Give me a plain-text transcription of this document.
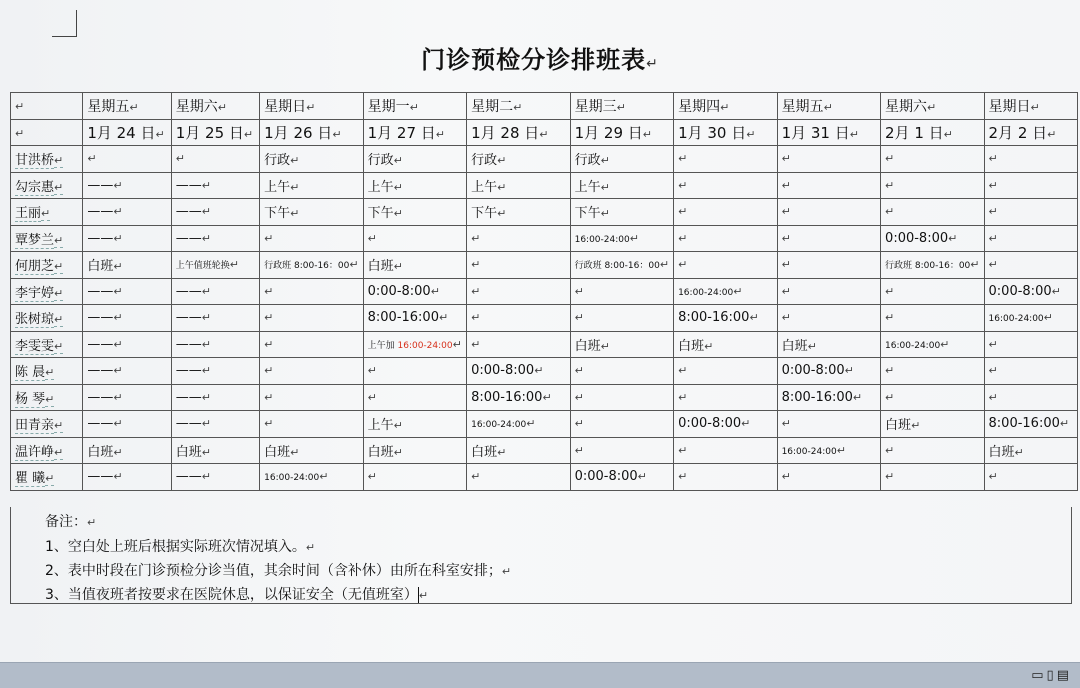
门诊预检分诊排班表↵
↵	星期五↵	星期六↵	星期日↵	星期一↵	星期二↵	星期三↵	星期四↵	星期五↵	星期六↵	星期日↵
↵	1月 24 日↵	1月 25 日↵	1月 26 日↵	1月 27 日↵	1月 28 日↵	1月 29 日↵	1月 30 日↵	1月 31 日↵	2月 1 日↵	2月 2 日↵
甘洪桥↵	↵	↵	行政↵	行政↵	行政↵	行政↵	↵	↵	↵	↵
勾宗惠↵	——↵	——↵	上午↵	上午↵	上午↵	上午↵	↵	↵	↵	↵
王丽↵	——↵	——↵	下午↵	下午↵	下午↵	下午↵	↵	↵	↵	↵
覃梦兰↵	——↵	——↵	↵	↵	↵	16:00-24:00↵	↵	↵	0:00-8:00↵	↵
何朋芝↵	白班↵	上午值班轮换↵	行政班 8:00-16：00↵	白班↵	↵	行政班 8:00-16：00↵	↵	↵	行政班 8:00-16：00↵	↵
李宇婷↵	——↵	——↵	↵	0:00-8:00↵	↵	↵	16:00-24:00↵	↵	↵	0:00-8:00↵
张树琼↵	——↵	——↵	↵	8:00-16:00↵	↵	↵	8:00-16:00↵	↵	↵	16:00-24:00↵
李雯雯↵	——↵	——↵	↵	上午加 16:00-24:00↵	↵	白班↵	白班↵	白班↵	16:00-24:00↵	↵
陈 晨↵	——↵	——↵	↵	↵	0:00-8:00↵	↵	↵	0:00-8:00↵	↵	↵
杨 琴↵	——↵	——↵	↵	↵	8:00-16:00↵	↵	↵	8:00-16:00↵	↵	↵
田青亲↵	——↵	——↵	↵	上午↵	16:00-24:00↵	↵	0:00-8:00↵	↵	白班↵	8:00-16:00↵
温许峥↵	白班↵	白班↵	白班↵	白班↵	白班↵	↵	↵	16:00-24:00↵	↵	白班↵
瞿 曦↵	——↵	——↵	16:00-24:00↵	↵	↵	0:00-8:00↵	↵	↵	↵	↵
备注：↵
1、空白处上班后根据实际班次情况填入。↵
2、表中时段在门诊预检分诊当值，其余时间（含补休）由所在科室安排；↵
3、当值夜班者按要求在医院休息，以保证安全（无值班室）↵
▭▯▤
